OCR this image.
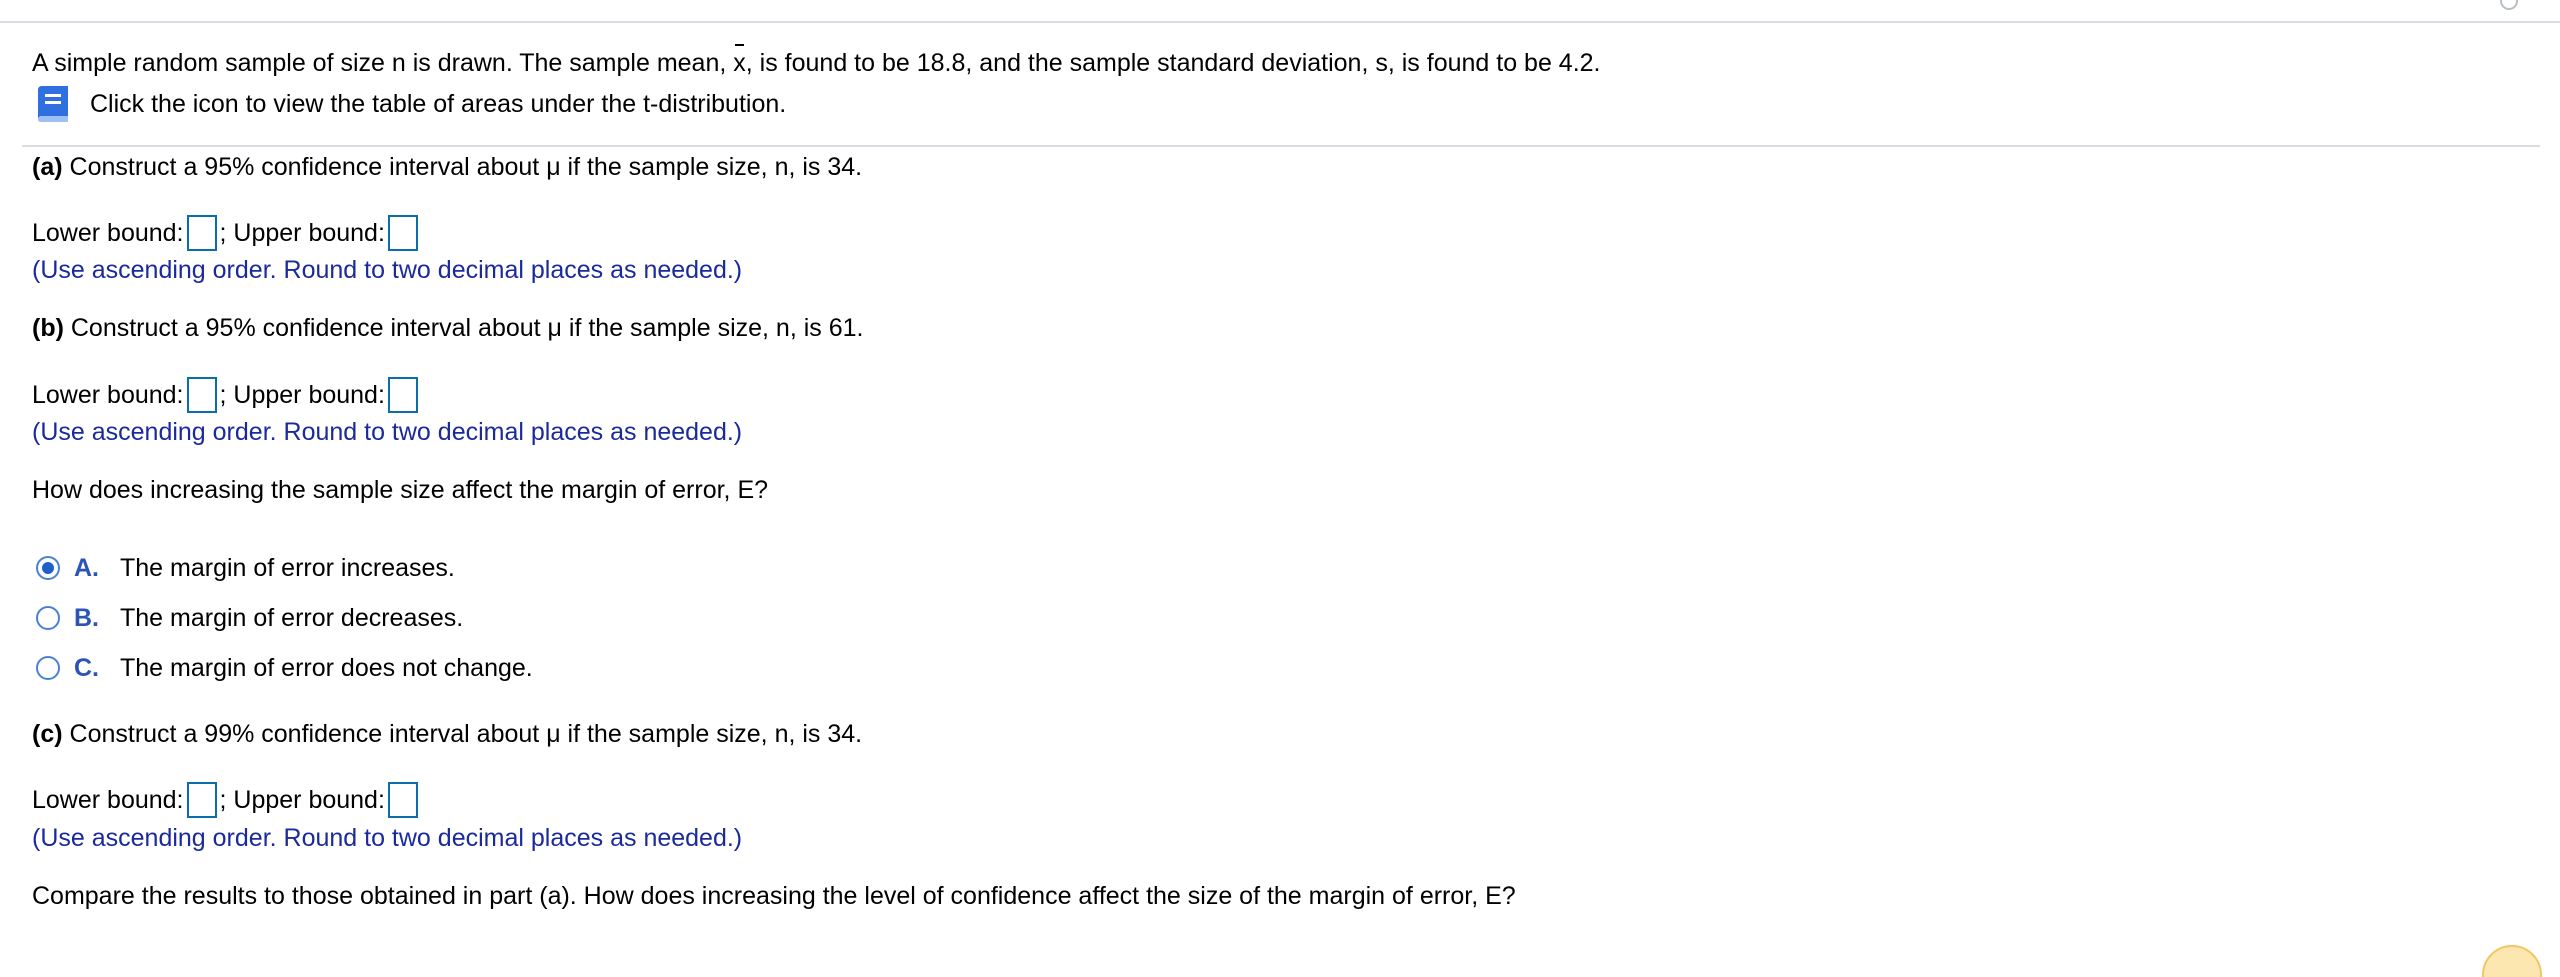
A simple random sample of size n is drawn. The sample mean, x, is found to be 18.8, and the sample standard deviation, s, is found to be 4.2.
Click the icon to view the table of areas under the t-distribution.
(a) Construct a 95% confidence interval about μ if the sample size, n, is 34.
Lower bound: ; Upper bound:
(Use ascending order. Round to two decimal places as needed.)
(b) Construct a 95% confidence interval about μ if the sample size, n, is 61.
Lower bound: ; Upper bound:
(Use ascending order. Round to two decimal places as needed.)
How does increasing the sample size affect the margin of error, E?
A. The margin of error increases.
B. The margin of error decreases.
C. The margin of error does not change.
(c) Construct a 99% confidence interval about μ if the sample size, n, is 34.
Lower bound: ; Upper bound:
(Use ascending order. Round to two decimal places as needed.)
Compare the results to those obtained in part (a). How does increasing the level of confidence affect the size of the margin of error, E?
